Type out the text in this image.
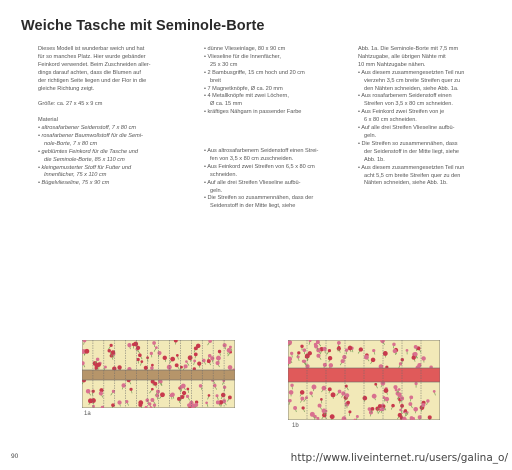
Weiche Tasche mit Seminole-Borte

Dieses Modell ist wunderbar weich und hat

für so manches Platz. Hier wurde gebänder

Feinkord verwendet. Beim Zuschneiden aller-

dings darauf achten, dass die Blumen auf

der richtigen Seite liegen und der Flor in die

gleiche Richtung zeigt.

Größe: ca. 27 x 45 x 9 cm

Material

• altrosafarbener Seidenstoff, 7 x 80 cm

• rosafarbener Baumwollstoff für die Semi-

nole-Borte, 7 x 80 cm

• geblümtes Feinkord für die Tasche und

die Seminole-Borte, 85 x 110 cm

• kleingemusterter Stoff für Futter und

Innenfächer, 75 x 110 cm

• Bügelvlieseline, 75 x 90 cm

• dünne Vlieseinlage, 80 x 90 cm

• Vlieseline für die Innenfächer,

25 x 30 cm

• 2 Bambusgriffe, 15 cm hoch und 20 cm

breit

• 7 Magnetknöpfe, Ø ca. 20 mm

• 4 Metallknöpfe mit zwei Löchern,

Ø ca. 15 mm

• kräftiges Nähgarn in passender Farbe

• Aus altrosafarbenem Seidenstoff einen Strei-

fen von 3,5 x 80 cm zuschneiden.

• Aus Feinkord zwei Streifen von 6,5 x 80 cm

schneiden.

• Auf alle drei Streifen Vlieseline aufbü-

geln.

• Die Streifen so zusammennähen, dass der

Seidenstoff in der Mitte liegt, siehe

Abb. 1a. Die Seminole-Borte mit 7,5 mm

Nahtzugabe, alle übrigen Nähte mit

10 mm Nahtzugabe nähen.

• Aus diesem zusammengesetzten Teil nun

vierzehn 3,5 cm breite Streifen quer zu

den Nähten schneiden, siehe Abb. 1a.

• Aus rosafarbenem Seidenstoff einen

Streifen von 3,5 x 80 cm schneiden.

• Aus Feinkord zwei Streifen von je

6 x 80 cm schneiden.

• Auf alle drei Streifen Vlieseline aufbü-

geln.

• Die Streifen so zusammennähen, dass

der Seidenstoff in der Mitte liegt, siehe

Abb. 1b.

• Aus diesem zusammengesetzten Teil nun

acht 5,5 cm breite Streifen quer zu den

Nähten schneiden, siehe Abb. 1b.

1a
1b
90	http://www.liveinternet.ru/users/galina_o/
